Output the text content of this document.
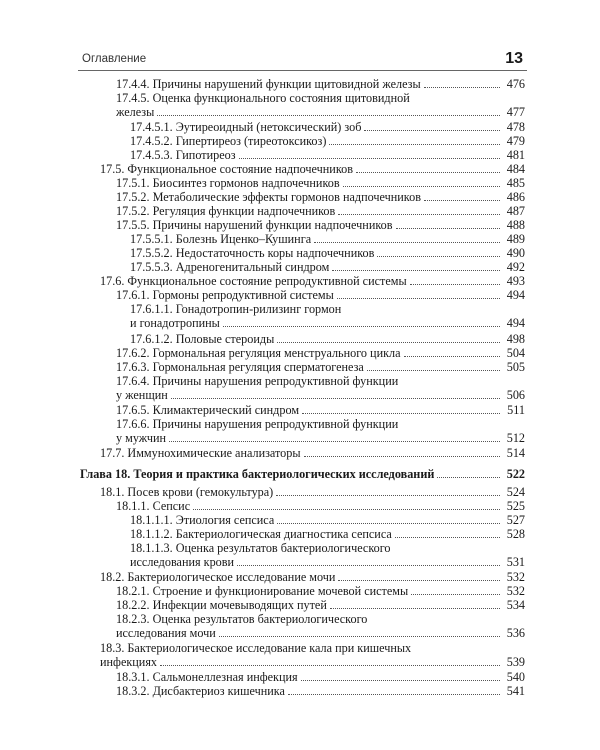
Оглавление	13
17.4.4. Причины нарушений функции щитовидной железы	476
17.4.5. Оценка функционального состояния щитовидной
железы	477
17.4.5.1. Эутиреоидный (нетоксический) зоб	478
17.4.5.2. Гипертиреоз (тиреотоксикоз)	479
17.4.5.3. Гипотиреоз	481
17.5. Функциональное состояние надпочечников	484
17.5.1. Биосинтез гормонов надпочечников	485
17.5.2. Метаболические эффекты гормонов надпочечников	486
17.5.2. Регуляция функции надпочечников	487
17.5.5. Причины нарушений функции надпочечников	488
17.5.5.1. Болезнь Иценко–Кушинга	489
17.5.5.2. Недостаточность коры надпочечников	490
17.5.5.3. Адреногенитальный синдром	492
17.6. Функциональное состояние репродуктивной системы	493
17.6.1. Гормоны репродуктивной системы	494
17.6.1.1. Гонадотропин-рилизинг гормон
и гонадотропины	494
17.6.1.2. Половые стероиды	498
17.6.2. Гормональная регуляция менструального цикла	504
17.6.3. Гормональная регуляция сперматогенеза	505
17.6.4. Причины нарушения репродуктивной функции
у женщин	506
17.6.5. Климактерический синдром	511
17.6.6. Причины нарушения репродуктивной функции
у мужчин	512
17.7. Иммунохимические анализаторы	514
Глава 18. Теория и практика бактериологических исследований	522
18.1. Посев крови (гемокультура)	524
18.1.1. Сепсис	525
18.1.1.1. Этиология сепсиса	527
18.1.1.2. Бактериологическая диагностика сепсиса	528
18.1.1.3. Оценка результатов бактериологического
исследования крови	531
18.2. Бактериологическое исследование мочи	532
18.2.1. Строение и функционирование мочевой системы	532
18.2.2. Инфекции мочевыводящих путей	534
18.2.3. Оценка результатов бактериологического
исследования мочи	536
18.3. Бактериологическое исследование кала при кишечных
инфекциях	539
18.3.1. Сальмонеллезная инфекция	540
18.3.2. Дисбактериоз кишечника	541
